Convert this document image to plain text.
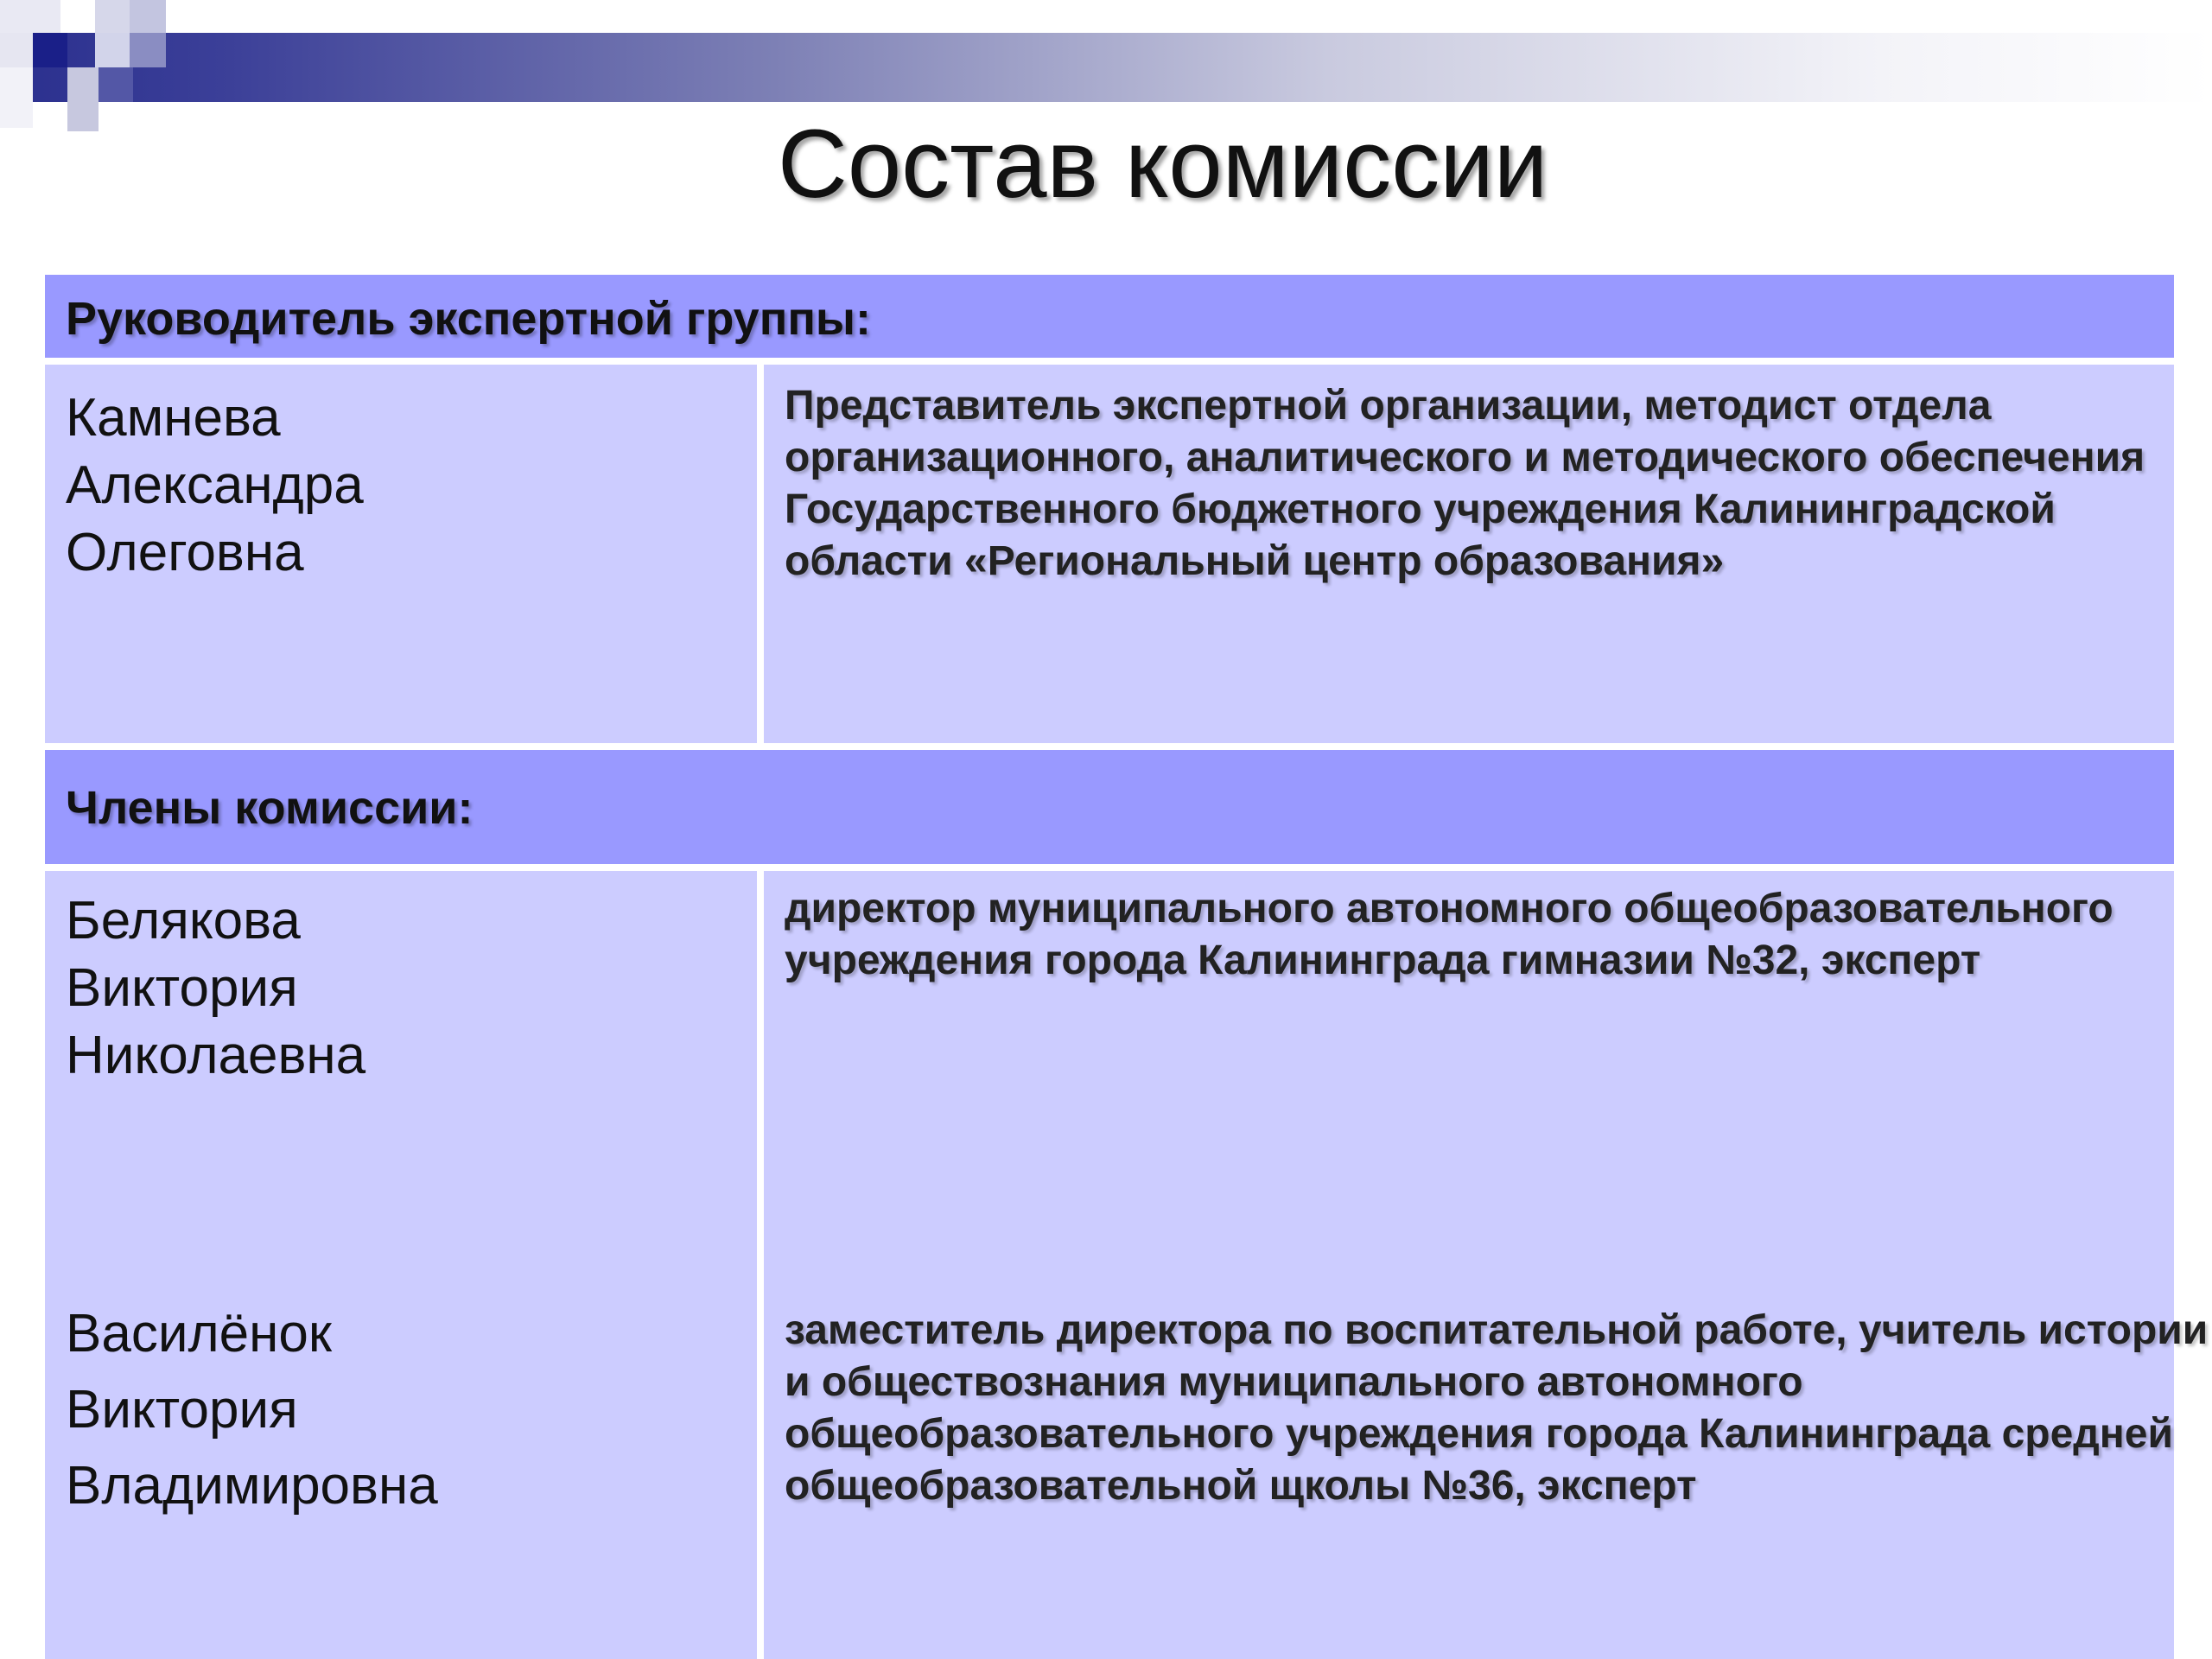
Состав комиссии
Руководитель экспертной группы:
Камнева
Александра
Олеговна
Представитель экспертной организации, методист отдела
организационного, аналитического и методического обеспечения
Государственного бюджетного учреждения Калининградской
области «Региональный центр образования»
Члены комиссии:
Белякова
Виктория
Николаевна
Василёнок
Виктория
Владимировна
директор муниципального автономного общеобразовательного
учреждения города Калининграда гимназии №32, эксперт
заместитель директора по воспитательной работе, учитель истории
и обществознания муниципального автономного
общеобразовательного учреждения города Калининграда средней
общеобразовательной щколы №36, эксперт
